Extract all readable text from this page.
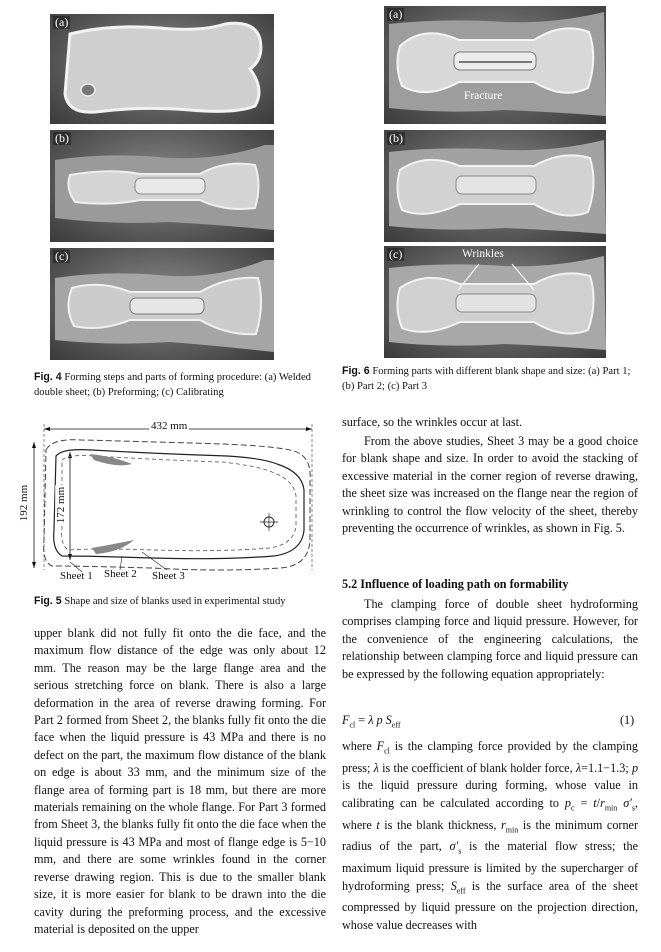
(a)
(b)
(c)
Fig. 4 Forming steps and parts of forming procedure: (a) Welded double sheet; (b) Preforming; (c) Calibrating
432 mm
192 mm 172 mm
Sheet 1 Sheet 2 Sheet 3
Fig. 5 Shape and size of blanks used in experimental study
upper blank did not fully fit onto the die face, and the maximum flow distance of the edge was only about 12 mm. The reason may be the large flange area and the serious stretching force on blank. There is also a large deformation in the area of reverse drawing forming. For Part 2 formed from Sheet 2, the blanks fully fit onto the die face when the liquid pressure is 43 MPa and there is no defect on the part, the maximum flow distance of the blank on edge is about 33 mm, and the minimum size of the flange area of forming part is 18 mm, but there are more materials remaining on the whole flange. For Part 3 formed from Sheet 3, the blanks fully fit onto the die face when the liquid pressure is 43 MPa and most of flange edge is 5−10 mm, and there are some wrinkles found in the corner reverse drawing region. This is due to the smaller blank size, it is more easier for blank to be drawn into the die cavity during the preforming process, and the excessive material is deposited on the upper
(a)
Fracture
(b)
(c)	Wrinkles
Fig. 6 Forming parts with different blank shape and size: (a) Part 1; (b) Part 2; (c) Part 3
surface, so the wrinkles occur at last.
From the above studies, Sheet 3 may be a good choice for blank shape and size. In order to avoid the stacking of excessive material in the corner region of reverse drawing, the sheet size was increased on the flange near the region of wrinkling to control the flow velocity of the sheet, thereby preventing the occurrence of wrinkles, as shown in Fig. 5.
5.2 Influence of loading path on formability
The clamping force of double sheet hydroforming comprises clamping force and liquid pressure. However, for the convenience of the engineering calculations, the relationship between clamping force and liquid pressure can be expressed by the following equation appropriately:
$F_{cl} = \lambda$ p $S_{eff}$	(1)
where $F_{cl}$ is the clamping force provided by the clamping press; λ is the coefficient of blank holder force, λ=1.1−1.3; p is the liquid pressure during forming, whose value in calibrating can be calculated according to $p_c = t/r_{min}$ $\sigma'_s$, where t is the blank thickness, $r_{min}$ is the minimum corner radius of the part, $\sigma'_s$ is the material flow stress; the maximum liquid pressure is limited by the supercharger of hydroforming press; $S_{eff}$ is the surface area of the sheet compressed by liquid pressure on the projection direction, whose value decreases with
